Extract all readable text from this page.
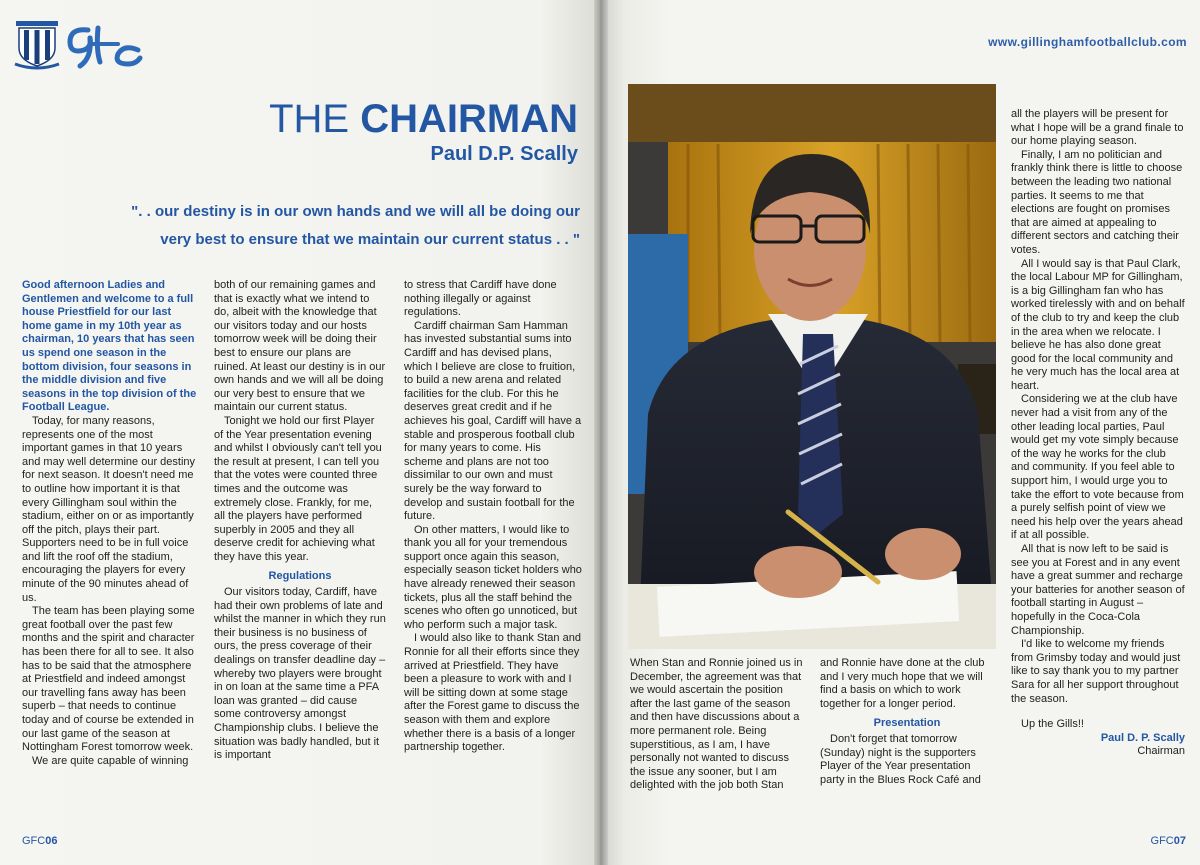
www.gillinghamfootballclub.com
THE CHAIRMAN
Paul D.P. Scally
". . our destiny is in our own hands and we will all be doing our
very best to ensure that we maintain our current status . . "

Good afternoon Ladies and Gentlemen and welcome to a full house Priestfield for our last home game in my 10th year as chairman, 10 years that has seen us spend one season in the bottom division, four seasons in the middle division and five seasons in the top division of the Football League.

Today, for many reasons, represents one of the most important games in that 10 years and may well determine our destiny for next season. It doesn't need me to outline how important it is that every Gillingham soul within the stadium, either on or as importantly off the pitch, plays their part. Supporters need to be in full voice and lift the roof off the stadium, encouraging the players for every minute of the 90 minutes ahead of us.

The team has been playing some great football over the past few months and the spirit and character has been there for all to see. It also has to be said that the atmosphere at Priestfield and indeed amongst our travelling fans away has been superb – that needs to continue today and of course be extended in our last game of the season at Nottingham Forest tomorrow week.

We are quite capable of winning

both of our remaining games and that is exactly what we intend to do, albeit with the knowledge that our visitors today and our hosts tomorrow week will be doing their best to ensure our plans are ruined. At least our destiny is in our own hands and we will all be doing our very best to ensure that we maintain our current status.

Tonight we hold our first Player of the Year presentation evening and whilst I obviously can't tell you the result at present, I can tell you that the votes were counted three times and the outcome was extremely close. Frankly, for me, all the players have performed superbly in 2005 and they all deserve credit for achieving what they have this year.

Regulations

Our visitors today, Cardiff, have had their own problems of late and whilst the manner in which they run their business is no business of ours, the press coverage of their dealings on transfer deadline day – whereby two players were brought in on loan at the same time a PFA loan was granted – did cause some controversy amongst Championship clubs. I believe the situation was badly handled, but it is important

to stress that Cardiff have done nothing illegally or against regulations.

Cardiff chairman Sam Hamman has invested substantial sums into Cardiff and has devised plans, which I believe are close to fruition, to build a new arena and related facilities for the club. For this he deserves great credit and if he achieves his goal, Cardiff will have a stable and prosperous football club for many years to come. His scheme and plans are not too dissimilar to our own and must surely be the way forward to develop and sustain football for the future.

On other matters, I would like to thank you all for your tremendous support once again this season, especially season ticket holders who have already renewed their season tickets, plus all the staff behind the scenes who often go unnoticed, but who perform such a major task.

I would also like to thank Stan and Ronnie for all their efforts since they arrived at Priestfield. They have been a pleasure to work with and I will be sitting down at some stage after the Forest game to discuss the season with them and explore whether there is a basis of a longer partnership together.

When Stan and Ronnie joined us in December, the agreement was that we would ascertain the position after the last game of the season and then have discussions about a more permanent role. Being superstitious, as I am, I have personally not wanted to discuss the issue any sooner, but I am delighted with the job both Stan

and Ronnie have done at the club and I very much hope that we will find a basis on which to work together for a longer period.

Presentation

Don't forget that tomorrow (Sunday) night is the supporters Player of the Year presentation party in the Blues Rock Café and

all the players will be present for what I hope will be a grand finale to our home playing season.

Finally, I am no politician and frankly think there is little to choose between the leading two national parties. It seems to me that elections are fought on promises that are aimed at appealing to different sectors and catching their votes.

All I would say is that Paul Clark, the local Labour MP for Gillingham, is a big Gillingham fan who has worked tirelessly with and on behalf of the club to try and keep the club in the area when we relocate. I believe he has also done great good for the local community and he very much has the local area at heart.

Considering we at the club have never had a visit from any of the other leading local parties, Paul would get my vote simply because of the way he works for the club and community. If you feel able to support him, I would urge you to take the effort to vote because from a purely selfish point of view we need his help over the years ahead if at all possible.

All that is now left to be said is see you at Forest and in any event have a great summer and recharge your batteries for another season of football starting in August – hopefully in the Coca-Cola Championship.

I'd like to welcome my friends from Grimsby today and would just like to say thank you to my partner Sara for all her support throughout the season.

Up the Gills!!

Paul D. P. Scally

Chairman

GFC06	GFC07
